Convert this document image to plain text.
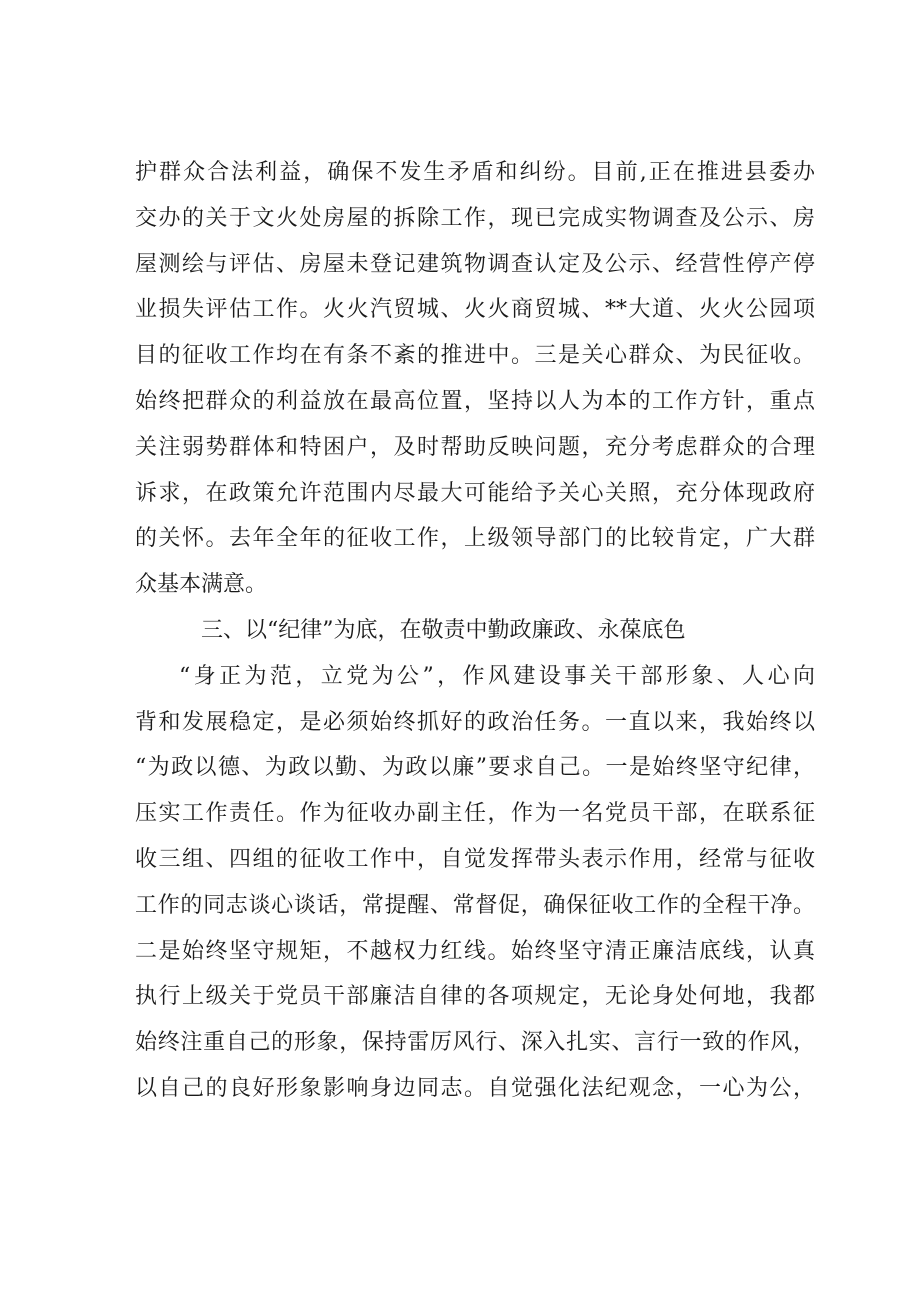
护群众合法利益，确保不发生矛盾和纠纷。目前,正在推进县委办
交办的关于文火处房屋的拆除工作，现已完成实物调查及公示、房
屋测绘与评估、房屋未登记建筑物调查认定及公示、经营性停产停
业损失评估工作。火火汽贸城、火火商贸城、**大道、火火公园项
目的征收工作均在有条不紊的推进中。三是关心群众、为民征收。
始终把群众的利益放在最高位置，坚持以人为本的工作方针，重点
关注弱势群体和特困户，及时帮助反映问题，充分考虑群众的合理
诉求，在政策允许范围内尽最大可能给予关心关照，充分体现政府
的关怀。去年全年的征收工作，上级领导部门的比较肯定，广大群
众基本满意。
三、以“纪律”为底，在敬责中勤政廉政、永葆底色
“身正为范，立党为公”，作风建设事关干部形象、人心向
背和发展稳定，是必须始终抓好的政治任务。一直以来，我始终以
“为政以德、为政以勤、为政以廉”要求自己。一是始终坚守纪律，
压实工作责任。作为征收办副主任，作为一名党员干部，在联系征
收三组、四组的征收工作中，自觉发挥带头表示作用，经常与征收
工作的同志谈心谈话，常提醒、常督促，确保征收工作的全程干净。
二是始终坚守规矩，不越权力红线。始终坚守清正廉洁底线，认真
执行上级关于党员干部廉洁自律的各项规定，无论身处何地，我都
始终注重自己的形象，保持雷厉风行、深入扎实、言行一致的作风，
以自己的良好形象影响身边同志。自觉强化法纪观念，一心为公，
